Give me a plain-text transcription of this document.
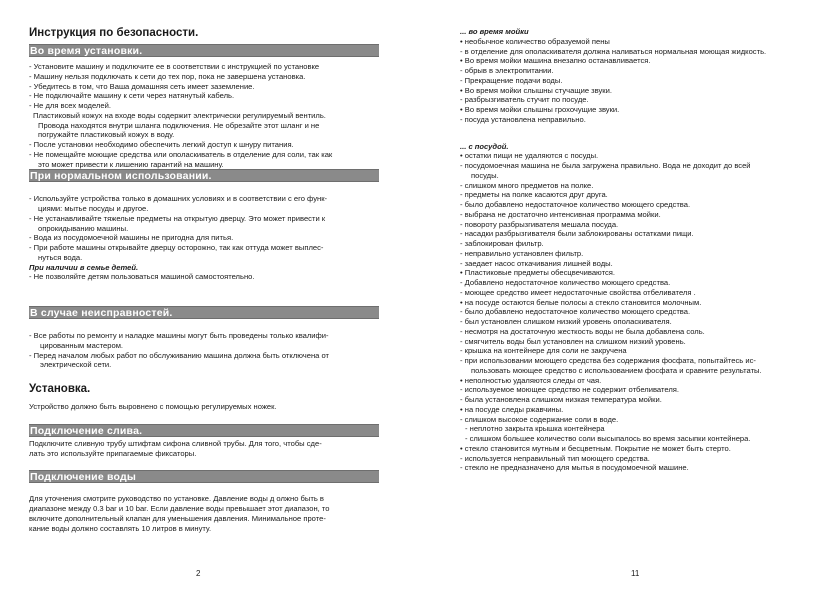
Инструкция по безопасности.
Во время установки.
- Установите машину и подключите ее в соответствии с инструкцией по установке
- Машину нельзя подключать к сети до тех пор, пока не завершена установка.
- Убедитесь в том, что Ваша домашняя сеть имеет заземление.
- Не подключайте машину к сети через натянутый кабель.
- Не для всех моделей.
Пластиковый кожух на входе воды содержит электрически регулируемый вентиль.
Провода находятся внутри шланга подключения. Не обрезайте этот шланг и не
погружайте пластиковый кожух в воду.
- После установки необходимо обеспечить легкий доступ к шнуру питания.
- Не помещайте моющие средства или ополаскиватель в отделение для соли, так как
это может привести к лишению гарантий на машину.
При нормальном использовании.
- Используйте устройства только в домашних условиях и в соответствии с его функ-
циями: мытье посуды и другое.
- Не устанавливайте тяжелые предметы на открытую дверцу. Это может привести к
опрокидыванию машины.
- Вода из посудомоечной машины не пригодна для питья.
- При работе машины открывайте дверцу осторожно, так как оттуда может выплес-
нуться вода.
При наличии в семье детей.
- Не позволяйте детям пользоваться машиной самостоятельно.
В случае неисправностей.
- Все работы по ремонту и наладке машины могут быть проведены только квалифи-
цированным мастером.
- Перед началом любых работ по обслуживанию машина должна быть отключена от
электрической сети.
Установка.
Устройство должно быть выровнено с помощью регулируемых ножек.
Подключение слива.
Подключите сливную трубу штифтам сифона сливной трубы. Для того, чтобы сде-
лать это используйте припагаемые фиксаторы.
Подключение воды
Для уточнения смотрите руководство по установке. Давление воды д олжно быть в
диапазоне между 0.3 bar и 10 bar. Если давление воды превышает этот диапазон, то
включите дополнительный клапан для уменьшения давления. Минимальное проте-
кание воды должно составлять 10 литров в минуту.
2
... во время мойки
• необычное количество образуемой пены
- в отделение для ополаскивателя должна наливаться нормальная моющая жидкость.
• Во время мойки машина внезапно останавливается.
- обрыв в электропитании.
- Прекращение подачи воды.
• Во время мойки слышны стучащие звуки.
- разбрызгиватель стучит по посуде.
• Во время мойки слышны грохочущие звуки.
- посуда установлена неправильно.
... с посудой.
• остатки пищи не удаляются с посуды.
- посудомоечная машина не была загружена правильно. Вода не доходит до всей
посуды.
- слишком много предметов на полке.
- предметы на полке касаются друг друга.
- было добавлено недостаточное количество моющего средства.
- выбрана не достаточно интенсивная программа мойки.
- повороту разбрызгивателя мешала посуда.
- насадки разбрызгивателя были заблокированы остатками пищи.
- заблокирован фильтр.
- неправильно установлен фильтр.
- заедает насос откачивания лишней воды.
• Пластиковые предметы обесцвечиваются.
- Добавлено недостаточное количество моющего средства.
- моющее средство имеет недостаточные свойства отбеливателя .
• на посуде остаются белые полосы а стекло становится молочным.
- было добавлено недостаточное количество моющего средства.
- был установлен слишком низкий уровень ополаскивателя.
- несмотря на достаточную жесткость воды не была добавлена соль.
- смягчитель воды был установлен на слишком низкий уровень.
- крышка на контейнере для соли не закручена
- при использовании моющего средства без содержания фосфата, попытайтесь ис-
пользовать моющее средство с использованием фосфата и сравните результаты.
• неполностью удаляются следы от чая.
- используемое моющее средство не содержит отбеливателя.
- была установлена слишком низкая температура мойки.
• на посуде следы ржавчины.
- слишком высокое содержание соли в воде.
- неплотно закрыта крышка контейнера
- слишком большее количество соли высыпалось во время засыпки контейнера.
• стекло становится мутным и бесцветным. Покрытие не может быть стерто.
- используется неправильный тип моющего средства.
- стекло не предназначено для мытья в посудомоечной машине.
11
